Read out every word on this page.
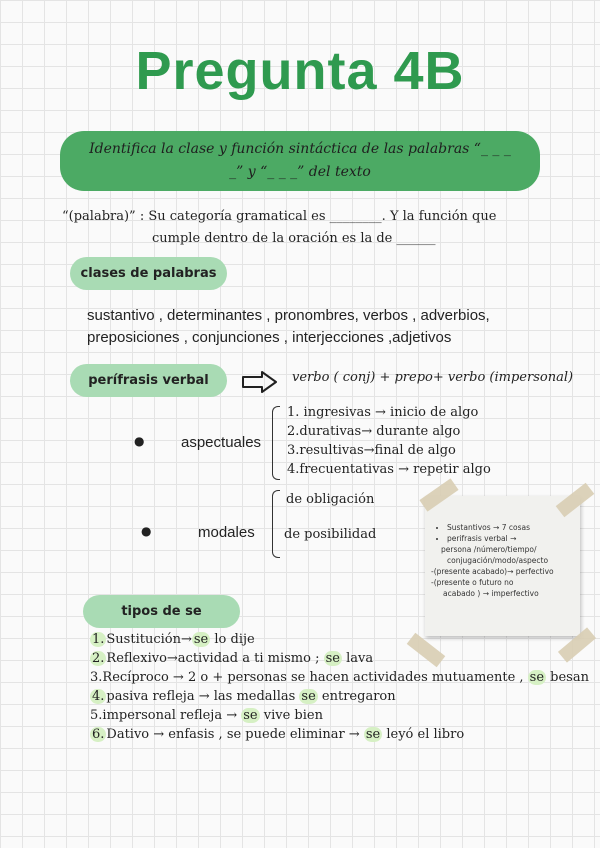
Pregunta 4B
Identifica la clase y función sintáctica de las palabras “_ _ _ _” y “_ _ _” del texto
“(palabra)” : Su categoría gramatical es ________. Y la función que
cumple dentro de la oración es la de ______
clases de palabras
sustantivo , determinantes , pronombres, verbos , adverbios, preposiciones , conjunciones , interjecciones ,adjetivos
perífrasis verbal	verbo ( conj) + prepo+ verbo (impersonal)
● aspectuales
1. ingresivas → inicio de algo
2.durativas→ durante algo
3.resultivas→final de algo
4.frecuentativas → repetir algo
●	modales
de obligación
de posibilidad
•	Sustantivos → 7 cosas
• perifrasis verbal →
persona /número/tiempo/
conjugación/modo/aspecto
-(presente acabado)→ perfectivo
-(presente o futuro no
acabado ) → imperfectivo
tipos de se
1. Sustitución→ se lo dije
2. Reflexivo→actividad a ti mismo ; se lava
3.Recíproco → 2 o + personas se hacen actividades mutuamente , se besan
4. pasiva refleja → las medallas se entregaron
5.impersonal refleja → se vive bien
6. Dativo → enfasis , se puede eliminar → se leyó el libro
